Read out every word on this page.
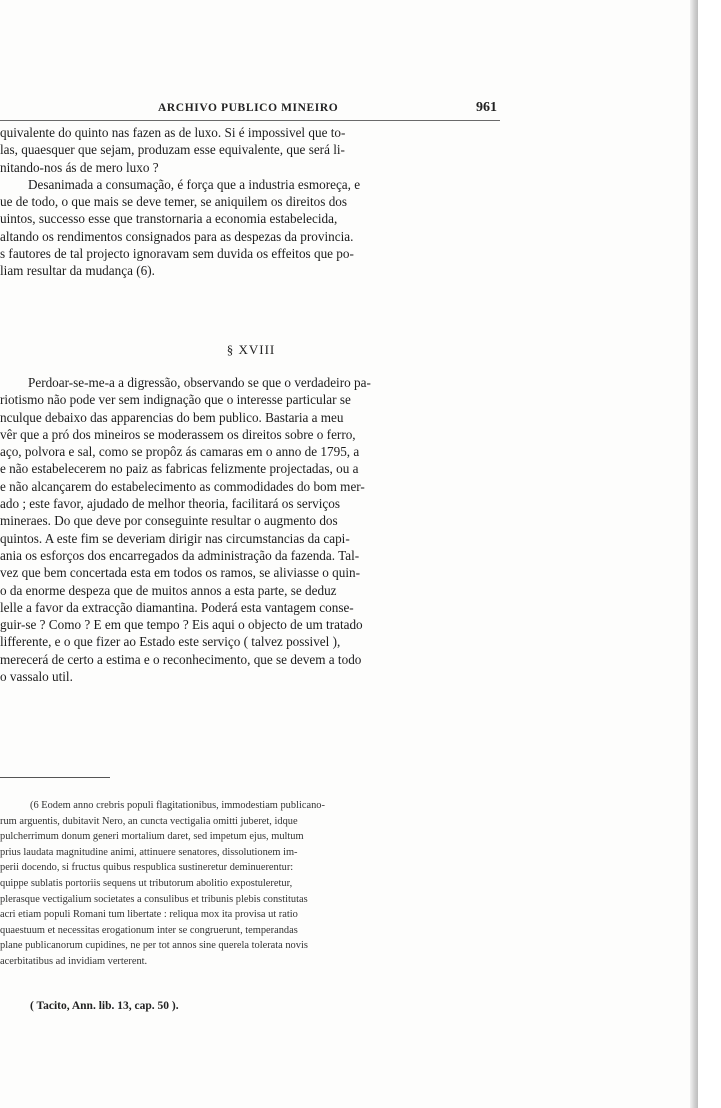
ARCHIVO PUBLICO MINEIRO	961

quivalente do quinto nas fazen as de luxo. Si é impossivel que to-
las, quaesquer que sejam, produzam esse equivalente, que será li-
nitando-nos ás de mero luxo ?

Desanimada a consumação, é força que a industria esmoreça, e
ue de todo, o que mais se deve temer, se aniquilem os direitos dos
uintos, successo esse que transtornaria a economia estabelecida,
altando os rendimentos consignados para as despezas da provincia.
s fautores de tal projecto ignoravam sem duvida os effeitos que po-
liam resultar da mudança (6).

§ XVIII

Perdoar-se-me-a a digressão, observando se que o verdadeiro pa-
riotismo não pode ver sem indignação que o interesse particular se
nculque debaixo das apparencias do bem publico. Bastaria a meu
vêr que a pró dos mineiros se moderassem os direitos sobre o ferro,
aço, polvora e sal, como se propôz ás camaras em o anno de 1795, a
e não estabelecerem no paiz as fabricas felizmente projectadas, ou a
e não alcançarem do estabelecimento as commodidades do bom mer-
ado ; este favor, ajudado de melhor theoria, facilitará os serviços
mineraes. Do que deve por conseguinte resultar o augmento dos
quintos. A este fim se deveriam dirigir nas circumstancias da capi-
ania os esforços dos encarregados da administração da fazenda. Tal-
vez que bem concertada esta em todos os ramos, se aliviasse o quin-
o da enorme despeza que de muitos annos a esta parte, se deduz
lelle a favor da extracção diamantina. Poderá esta vantagem conse-
guir-se ? Como ? E em que tempo ? Eis aqui o objecto de um tratado
lifferente, e o que fizer ao Estado este serviço ( talvez possivel ),
merecerá de certo a estima e o reconhecimento, que se devem a todo
o vassalo util.

(6 Eodem anno crebris populi flagitationibus, immodestiam publicano-
rum arguentis, dubitavit Nero, an cuncta vectigalia omitti juberet, idque
pulcherrimum donum generi mortalium daret, sed impetum ejus, multum
prius laudata magnitudine animi, attinuere senatores, dissolutionem im-
perii docendo, si fructus quibus respublica sustineretur deminuerentur:
quippe sublatis portoriis sequens ut tributorum abolitio expostuleretur,
plerasque vectigalium societates a consulibus et tribunis plebis constitutas
acri etiam populi Romani tum libertate : reliqua mox ita provisa ut ratio
quaestuum et necessitas erogationum inter se congruerunt, temperandas
plane publicanorum cupidines, ne per tot annos sine querela tolerata novis
acerbitatibus ad invidiam verterent.
( Tacito, Ann. lib. 13, cap. 50 ).
